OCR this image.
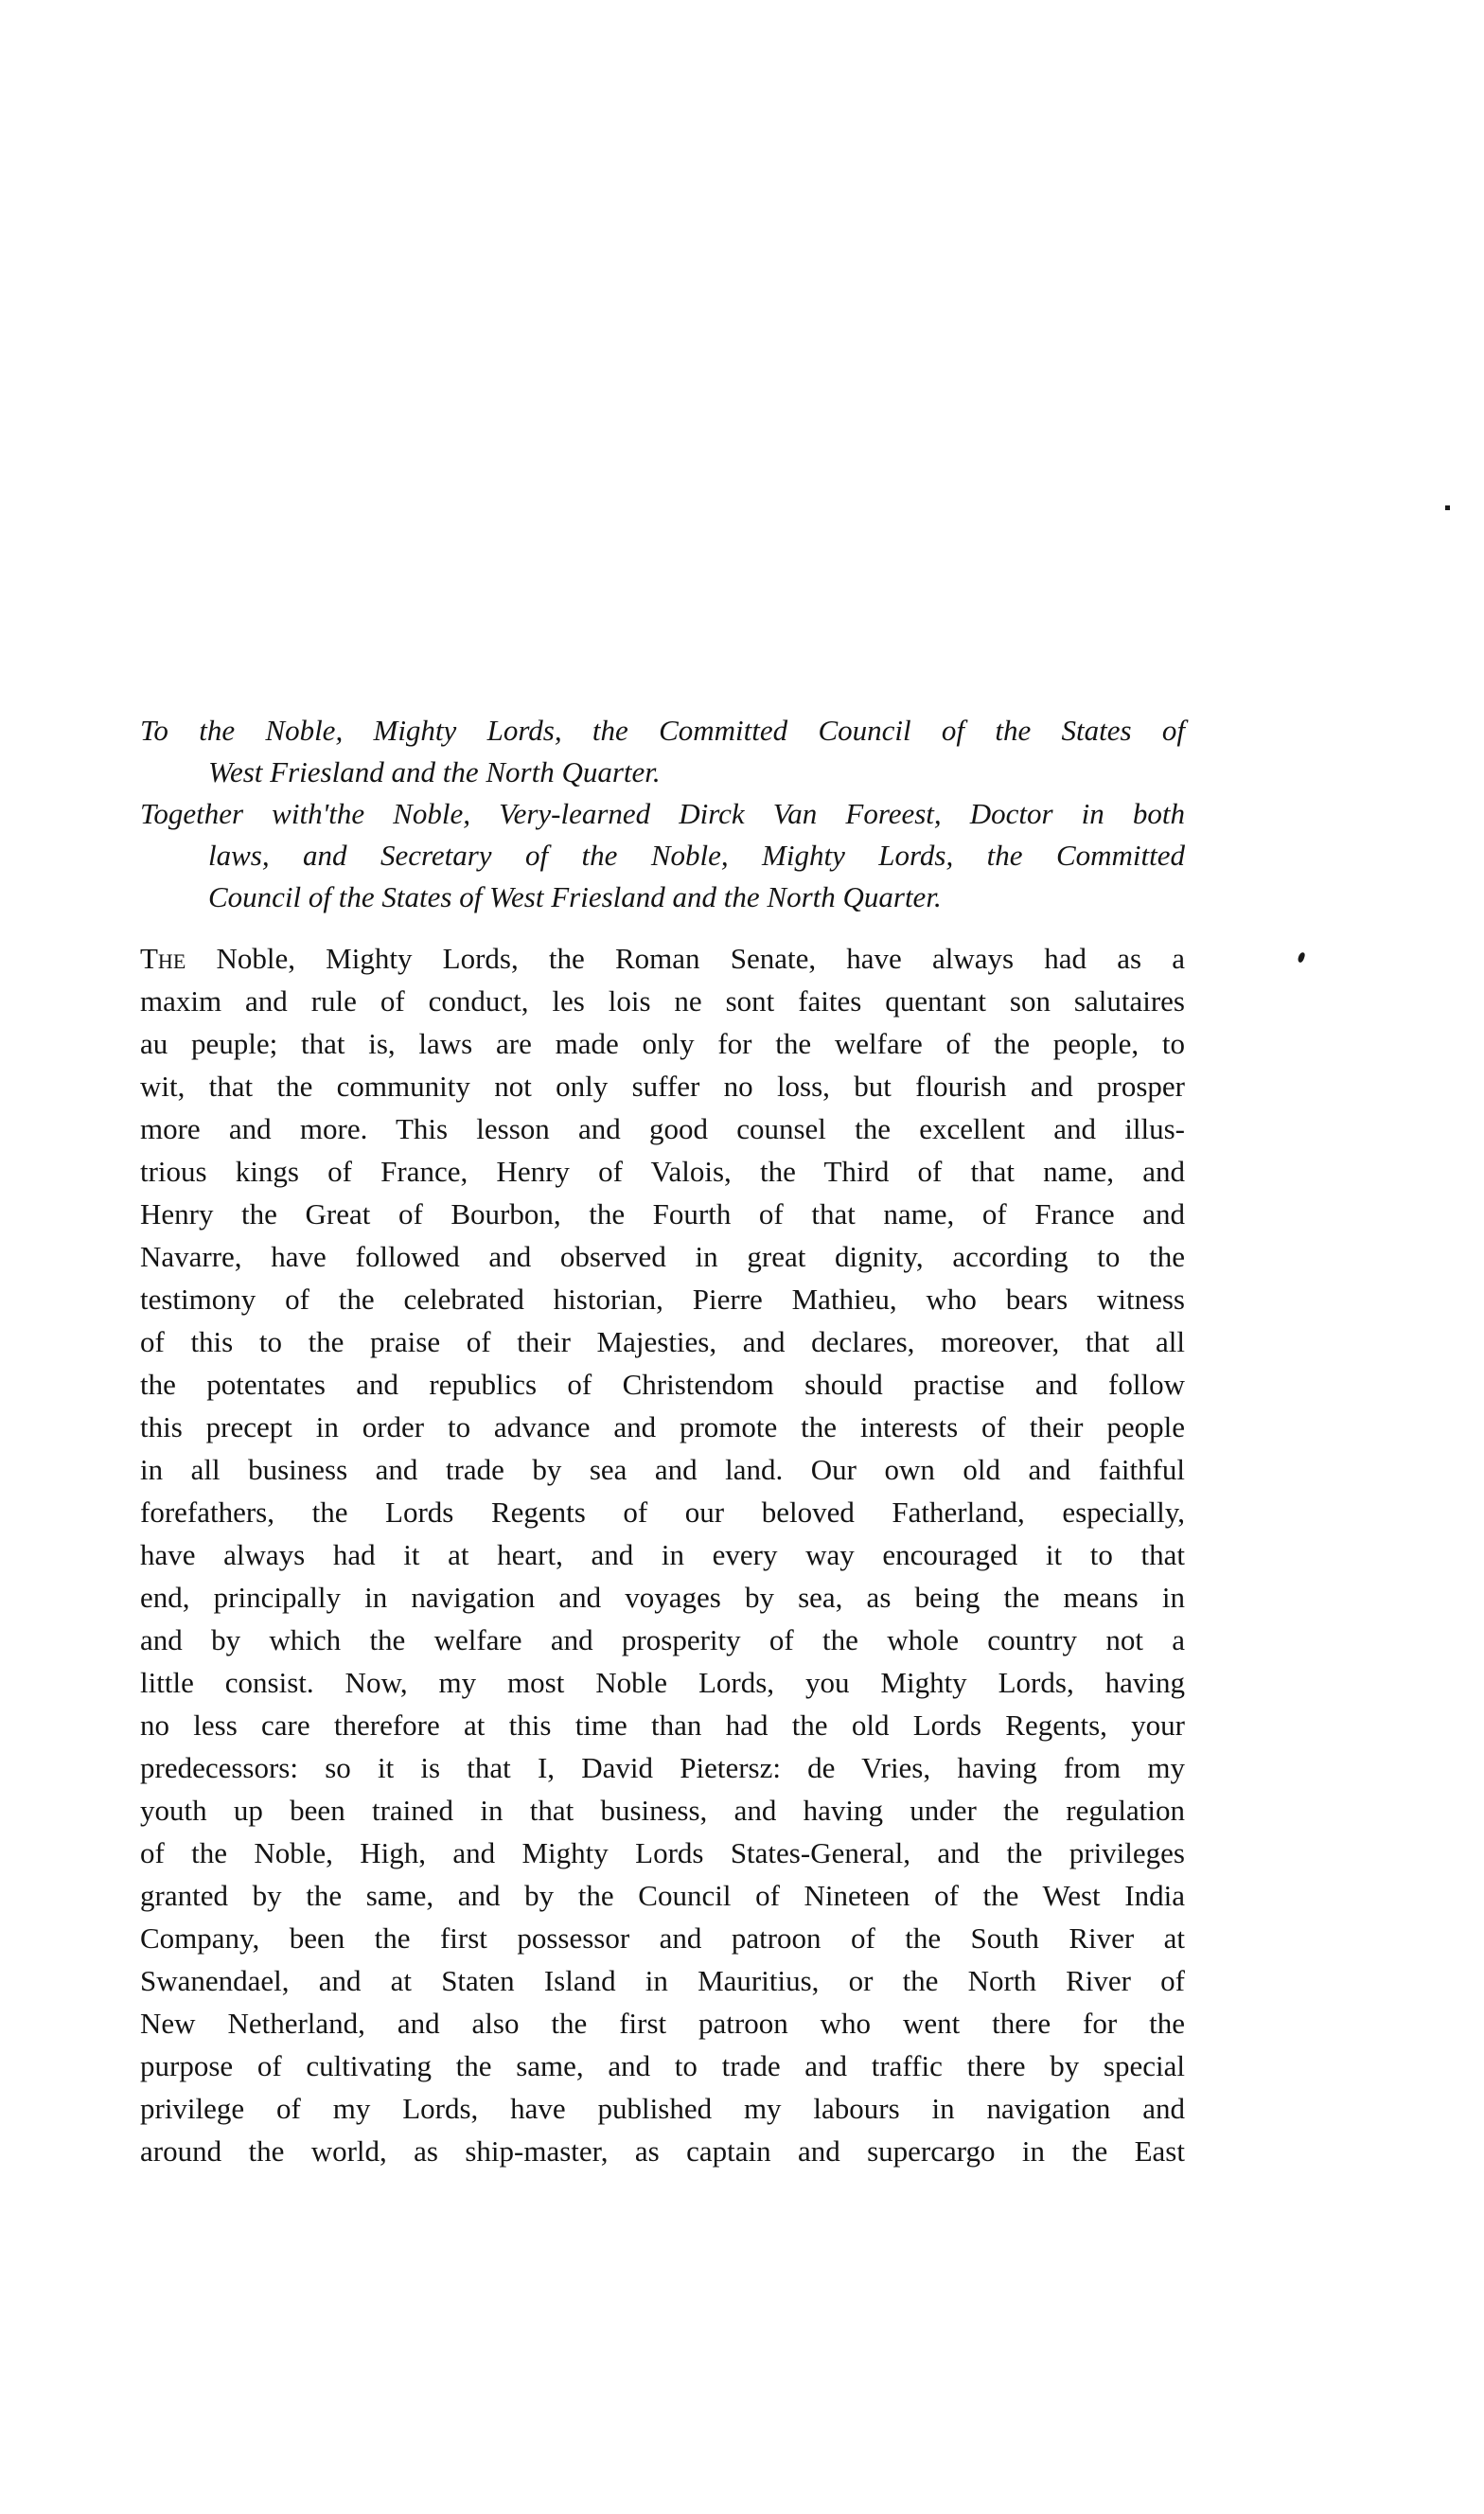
To the Noble, Mighty Lords, the Committed Council of the States of
West Friesland and the North Quarter.
Together with'the Noble, Very-learned Dirck Van Foreest, Doctor in both
laws, and Secretary of the Noble, Mighty Lords, the Committed
Council of the States of West Friesland and the North Quarter.
The Noble, Mighty Lords, the Roman Senate, have always had as a
maxim and rule of conduct, les lois ne sont faites quentant son salutaires
au peuple; that is, laws are made only for the welfare of the people, to
wit, that the community not only suffer no loss, but flourish and prosper
more and more. This lesson and good counsel the excellent and illus-
trious kings of France, Henry of Valois, the Third of that name, and
Henry the Great of Bourbon, the Fourth of that name, of France and
Navarre, have followed and observed in great dignity, according to the
testimony of the celebrated historian, Pierre Mathieu, who bears witness
of this to the praise of their Majesties, and declares, moreover, that all
the potentates and republics of Christendom should practise and follow
this precept in order to advance and promote the interests of their people
in all business and trade by sea and land. Our own old and faithful
forefathers, the Lords Regents of our beloved Fatherland, especially,
have always had it at heart, and in every way encouraged it to that
end, principally in navigation and voyages by sea, as being the means in
and by which the welfare and prosperity of the whole country not a
little consist. Now, my most Noble Lords, you Mighty Lords, having
no less care therefore at this time than had the old Lords Regents, your
predecessors: so it is that I, David Pietersz: de Vries, having from my
youth up been trained in that business, and having under the regulation
of the Noble, High, and Mighty Lords States-General, and the privileges
granted by the same, and by the Council of Nineteen of the West India
Company, been the first possessor and patroon of the South River at
Swanendael, and at Staten Island in Mauritius, or the North River of
New Netherland, and also the first patroon who went there for the
purpose of cultivating the same, and to trade and traffic there by special
privilege of my Lords, have published my labours in navigation and
around the world, as ship-master, as captain and supercargo in the East
